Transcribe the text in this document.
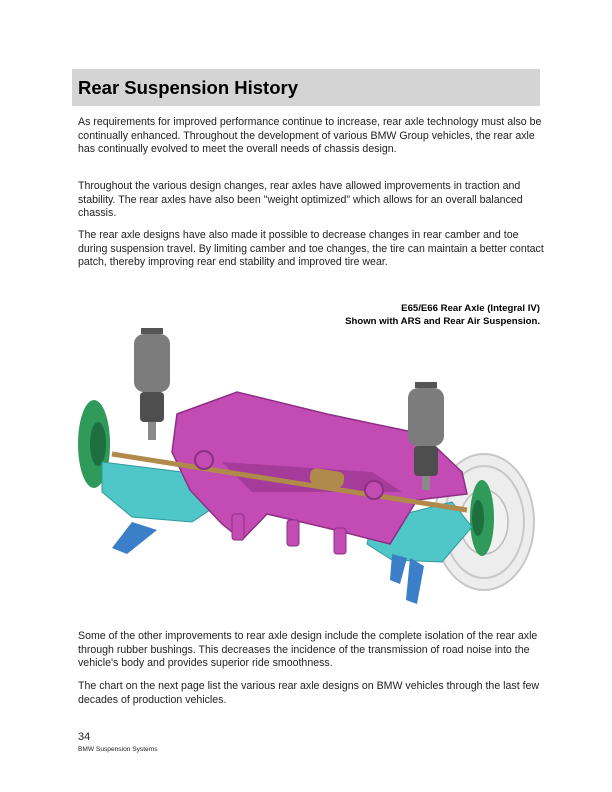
Rear Suspension History

As requirements for improved performance continue to increase, rear axle technology must also be continually enhanced. Throughout the development of various BMW Group vehicles, the rear axle has continually evolved to meet the overall needs of chassis design.

Throughout the various design changes, rear axles have allowed improvements in traction and stability. The rear axles have also been "weight optimized" which allows for an overall balanced chassis.

The rear axle designs have also made it possible to decrease changes in rear camber and toe during suspension travel. By limiting camber and toe changes, the tire can maintain a better contact patch, thereby improving rear end stability and improved tire wear.

E65/E66 Rear Axle (Integral IV)
Shown with ARS and Rear Air Suspension.

Some of the other improvements to rear axle design include the complete isolation of the rear axle through rubber bushings. This decreases the incidence of the transmission of road noise into the vehicle's body and provides superior ride smoothness.

The chart on the next page list the various rear axle designs on BMW vehicles through the last few decades of production vehicles.

34
BMW Suspension Systems
